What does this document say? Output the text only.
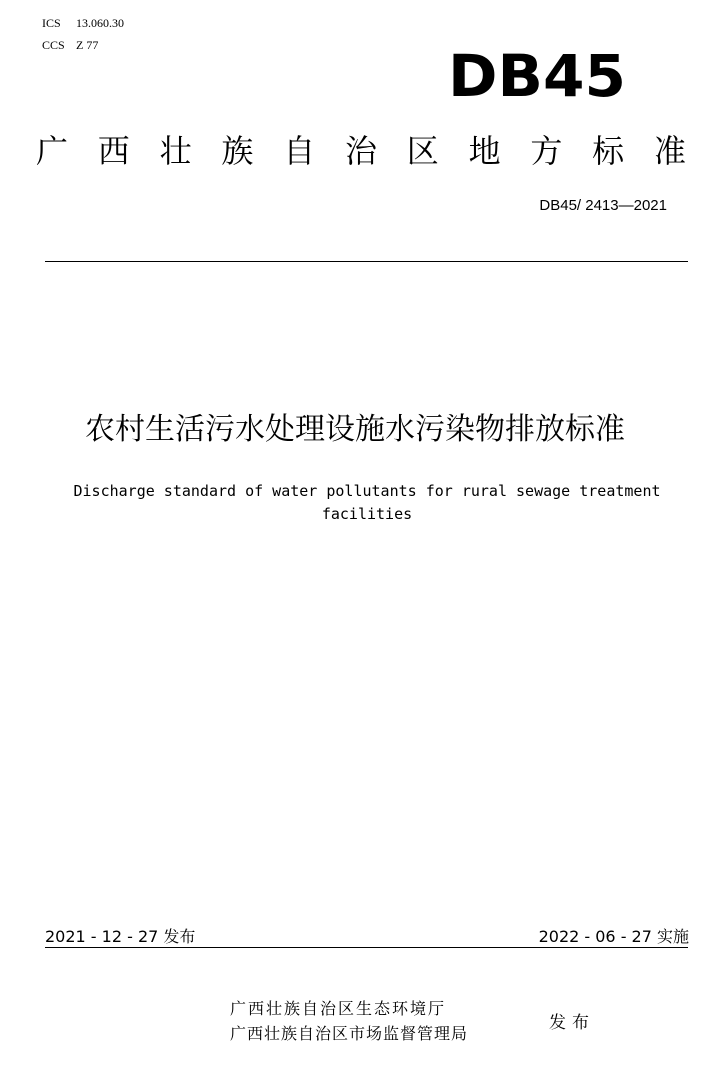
ICS	13.060.30
CCS Z 77	DB45
广 西 壮 族 自 治 区 地 方 标 准
DB45/ 2413—2021
农村生活污水处理设施水污染物排放标准
Discharge standard of water pollutants for rural sewage treatment facilities
2021 - 12 - 27 发布	2022 - 06 - 27 实施
广西壮族自治区生态环境厅
广西壮族自治区市场监督管理局
发布
